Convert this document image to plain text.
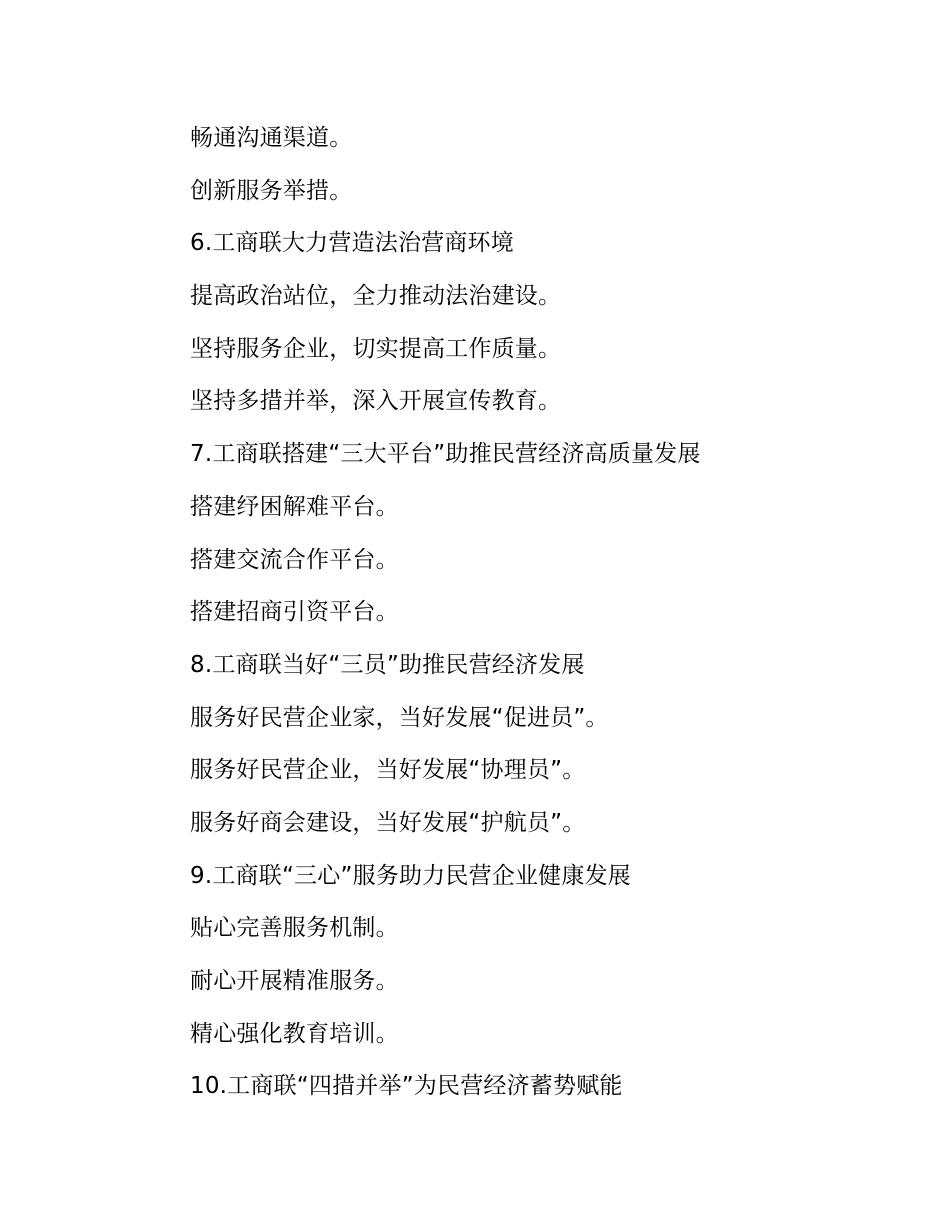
畅通沟通渠道。
创新服务举措。
6.工商联大力营造法治营商环境
提高政治站位，全力推动法治建设。
坚持服务企业，切实提高工作质量。
坚持多措并举，深入开展宣传教育。
7.工商联搭建“三大平台”助推民营经济高质量发展
搭建纾困解难平台。
搭建交流合作平台。
搭建招商引资平台。
8.工商联当好“三员”助推民营经济发展
服务好民营企业家，当好发展“促进员”。
服务好民营企业，当好发展“协理员”。
服务好商会建设，当好发展“护航员”。
9.工商联“三心”服务助力民营企业健康发展
贴心完善服务机制。
耐心开展精准服务。
精心强化教育培训。
10.工商联“四措并举”为民营经济蓄势赋能
